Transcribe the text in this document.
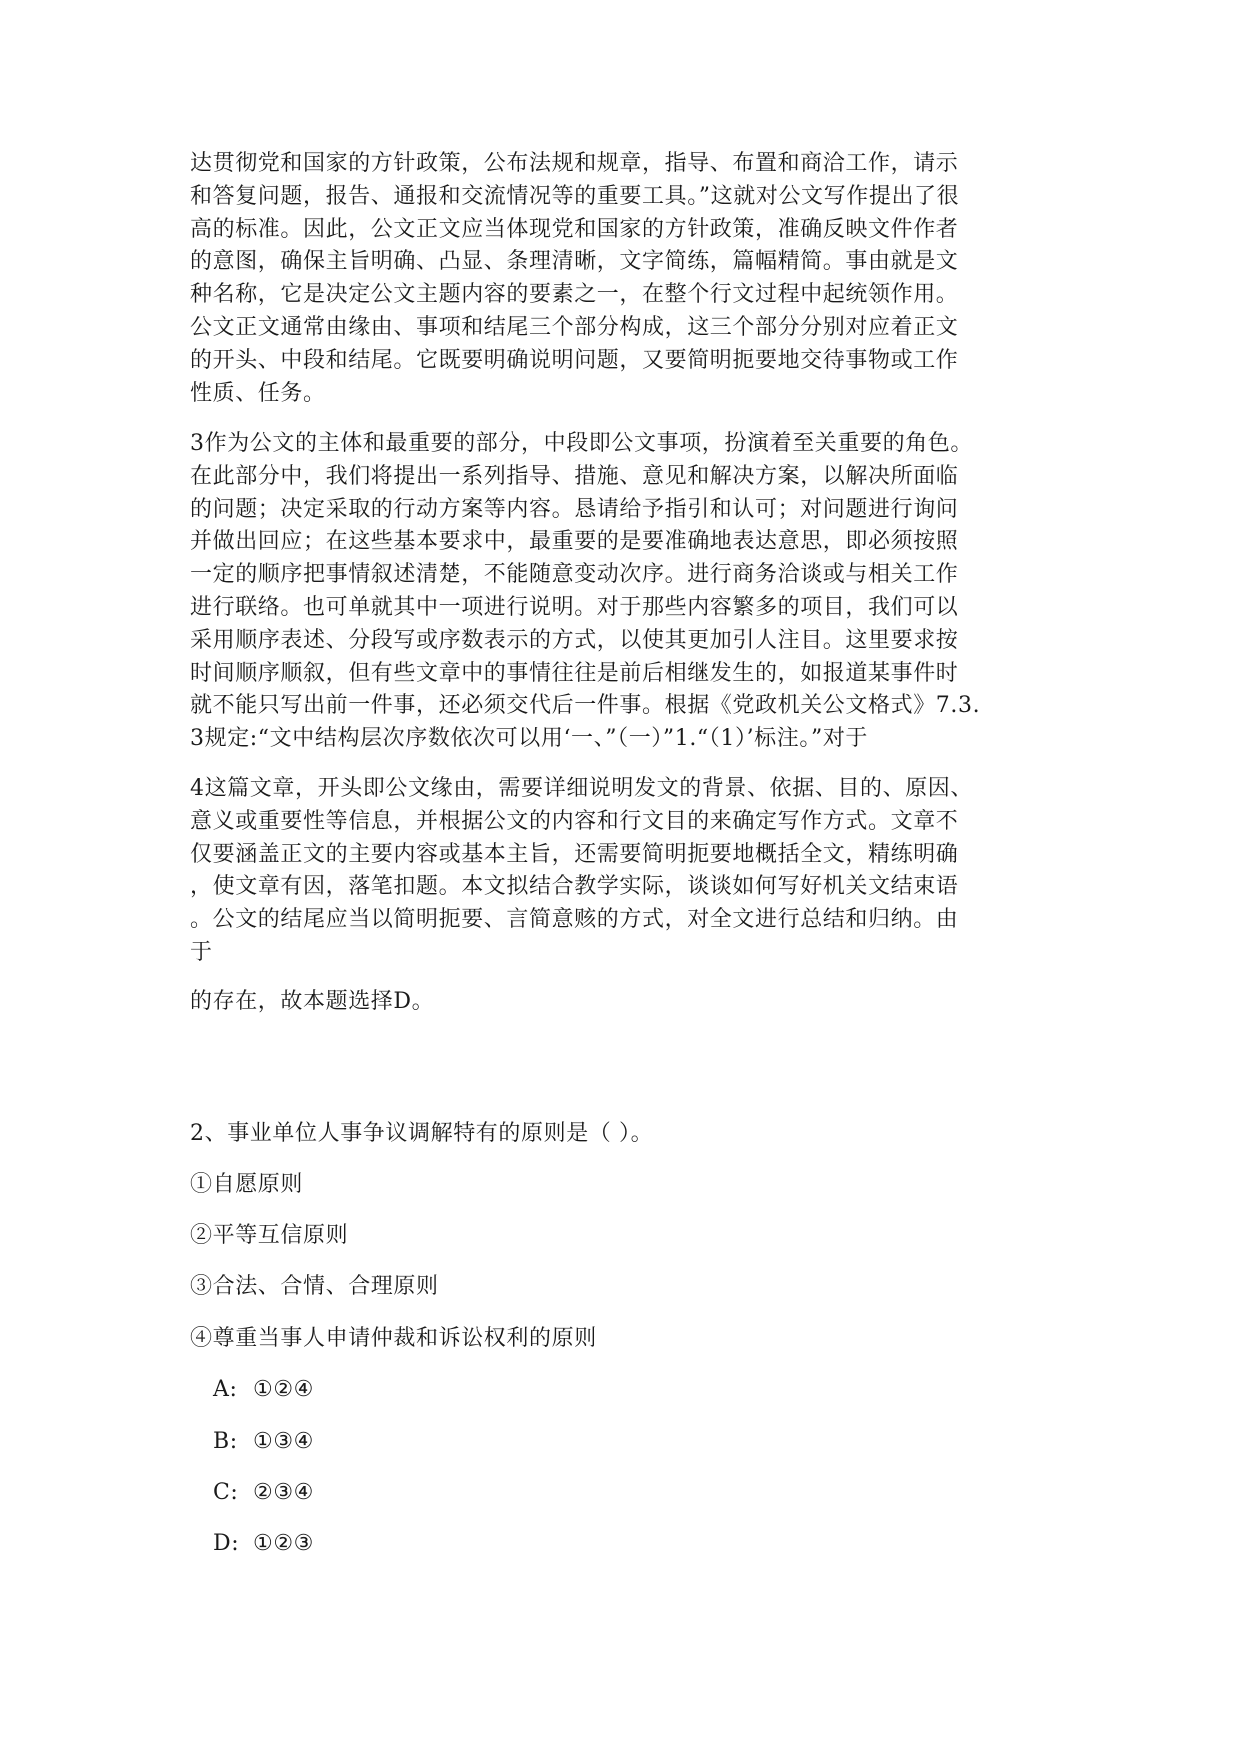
达贯彻党和国家的方针政策，公布法规和规章，指导、布置和商洽工作，请示
和答复问题，报告、通报和交流情况等的重要工具。”这就对公文写作提出了很
高的标准。因此，公文正文应当体现党和国家的方针政策，准确反映文件作者
的意图，确保主旨明确、凸显、条理清晰，文字简练，篇幅精简。事由就是文
种名称，它是决定公文主题内容的要素之一，在整个行文过程中起统领作用。
公文正文通常由缘由、事项和结尾三个部分构成，这三个部分分别对应着正文
的开头、中段和结尾。它既要明确说明问题，又要简明扼要地交待事物或工作
性质、任务。

3作为公文的主体和最重要的部分，中段即公文事项，扮演着至关重要的角色。
在此部分中，我们将提出一系列指导、措施、意见和解决方案，以解决所面临
的问题；决定采取的行动方案等内容。恳请给予指引和认可；对问题进行询问
并做出回应；在这些基本要求中，最重要的是要准确地表达意思，即必须按照
一定的顺序把事情叙述清楚，不能随意变动次序。进行商务洽谈或与相关工作
进行联络。也可单就其中一项进行说明。对于那些内容繁多的项目，我们可以
采用顺序表述、分段写或序数表示的方式，以使其更加引人注目。这里要求按
时间顺序顺叙，但有些文章中的事情往往是前后相继发生的，如报道某事件时
就不能只写出前一件事，还必须交代后一件事。根据《党政机关公文格式》7.3.
3规定:“文中结构层次序数依次可以用‘一、”（一）”1.“（1）’标注。”对于

4这篇文章，开头即公文缘由，需要详细说明发文的背景、依据、目的、原因、
意义或重要性等信息，并根据公文的内容和行文目的来确定写作方式。文章不
仅要涵盖正文的主要内容或基本主旨，还需要简明扼要地概括全文，精练明确
，使文章有因，落笔扣题。本文拟结合教学实际，谈谈如何写好机关文结束语
。公文的结尾应当以简明扼要、言简意赅的方式，对全文进行总结和归纳。由
于

的存在，故本题选择D。

2、事业单位人事争议调解特有的原则是（ ）。

①自愿原则

②平等互信原则

③合法、合情、合理原则

④尊重当事人申请仲裁和诉讼权利的原则

A: ①②④

B: ①③④

C: ②③④

D: ①②③
